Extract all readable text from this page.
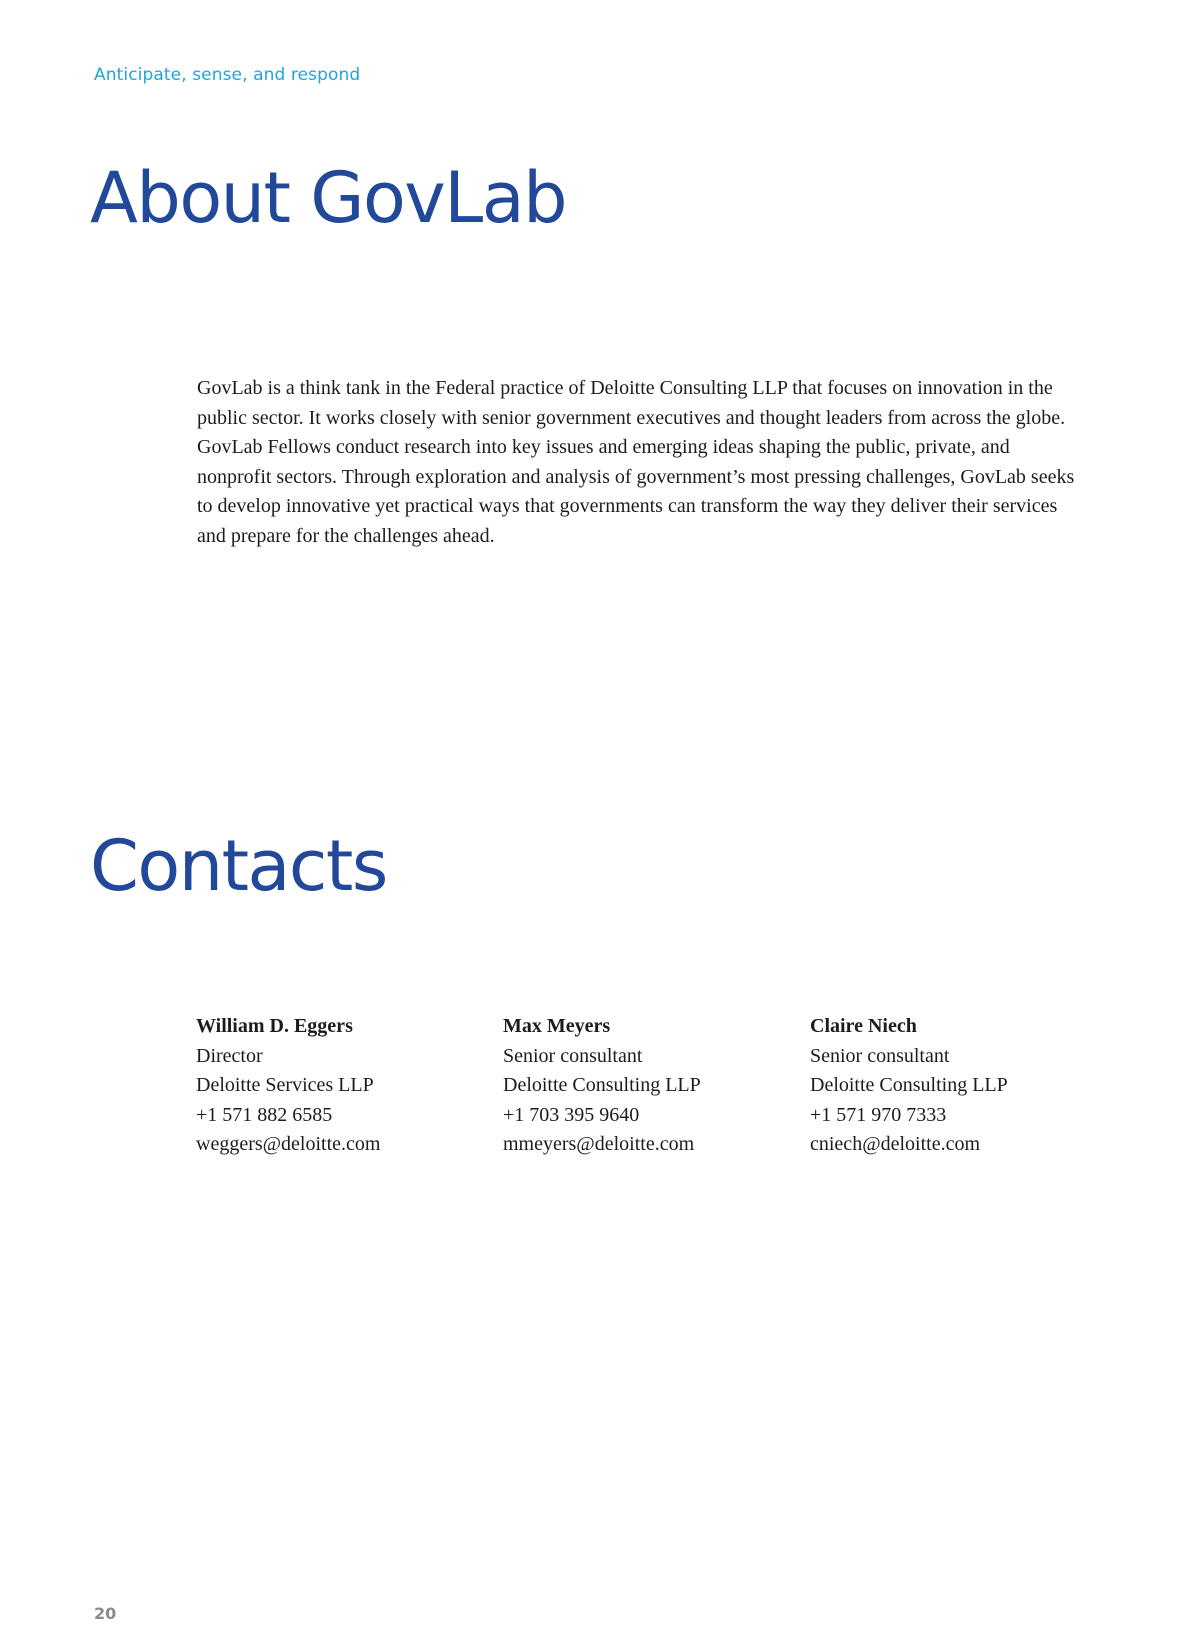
Anticipate, sense, and respond
About GovLab

GovLab is a think tank in the Federal practice of Deloitte Consulting LLP that focuses on innovation in the public sector. It works closely with senior government executives and thought leaders from across the globe. GovLab Fellows conduct research into key issues and emerging ideas shaping the public, private, and nonprofit sectors. Through exploration and analysis of government’s most pressing challenges, GovLab seeks to develop innovative yet practical ways that governments can transform the way they deliver their services and prepare for the challenges ahead.

Contacts
William D. Eggers
Director
Deloitte Services LLP
+1 571 882 6585
weggers@deloitte.com
Max Meyers
Senior consultant
Deloitte Consulting LLP
+1 703 395 9640
mmeyers@deloitte.com
Claire Niech
Senior consultant
Deloitte Consulting LLP
+1 571 970 7333
cniech@deloitte.com
20
